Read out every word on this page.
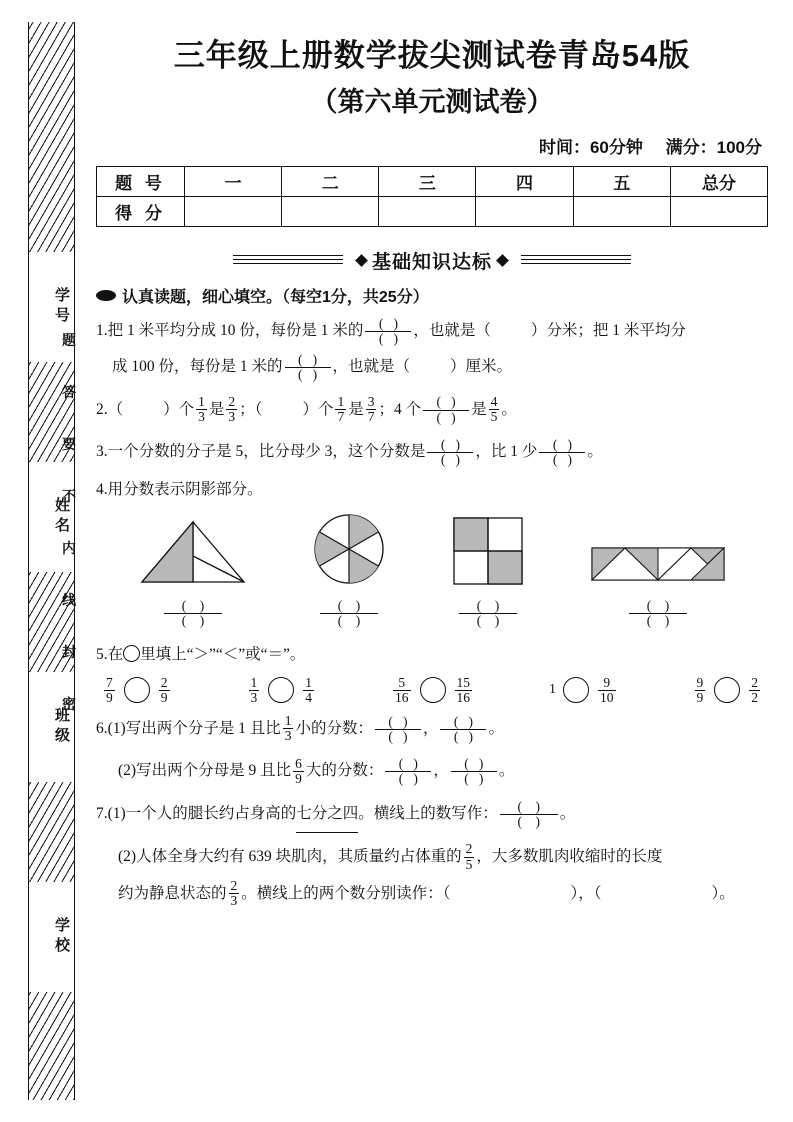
学号
姓名
班级
学校
题
答
要
不
内
线
封
密
三年级上册数学拔尖测试卷青岛54版
（第六单元测试卷）
时间：60分钟 满分：100分
题 号	一	二	三	四	五	总分
得 分						
基础知识达标
认真读题，细心填空。（每空1分，共25分）
1.把 1 米平均分成 10 份，每份是 1 米的 $\frac{( )}{( )}$ ，也就是（	）分米；把 1 米平均分
成 100 份，每份是 1 米的 $\frac{( )}{( )}$ ，也就是（	）厘米。
2.（	）个 $\frac{1}{3}$ 是 $\frac{2}{3}$ ；（	）个 $\frac{1}{7}$ 是 $\frac{3}{7}$ ；4 个 $\frac{( )}{( )}$ 是 $\frac{4}{5}$ 。
3.一个分数的分子是 5，比分母少 3，这个分数是 $\frac{( )}{( )}$ ，比 1 少 $\frac{( )}{( )}$ 。
4.用分数表示阴影部分。
$\frac{( )}{( )}$	$\frac{( )}{( )}$	$\frac{( )}{( )}$	$\frac{( )}{( )}$
5.在 里填上“＞”“＜”或“＝”。
$\frac{7}{9}$	$\frac{2}{9}$	$\frac{1}{3}$	$\frac{1}{4}$	$\frac{5}{16}$	$\frac{15}{16}$	1	$\frac{9}{10}$	$\frac{9}{9}$	$\frac{2}{2}$
6.(1)写出两个分子是 1 且比 $\frac{1}{3}$ 小的分数： $\frac{( )}{( )}$ ， $\frac{( )}{( )}$ 。
(2)写出两个分母是 9 且比 $\frac{6}{9}$ 大的分数： $\frac{( )}{( )}$ ， $\frac{( )}{( )}$ 。
7.(1)一个人的腿长约占身高的七分之四。横线上的数写作： $\frac{( )}{( )}$ 。
(2)人体全身大约有 639 块肌肉，其质量约占体重的 $\frac{2}{5}$ ，大多数肌肉收缩时的长度
约为静息状态的 $\frac{2}{3}$ 。横线上的两个数分别读作：（	），（	）。
